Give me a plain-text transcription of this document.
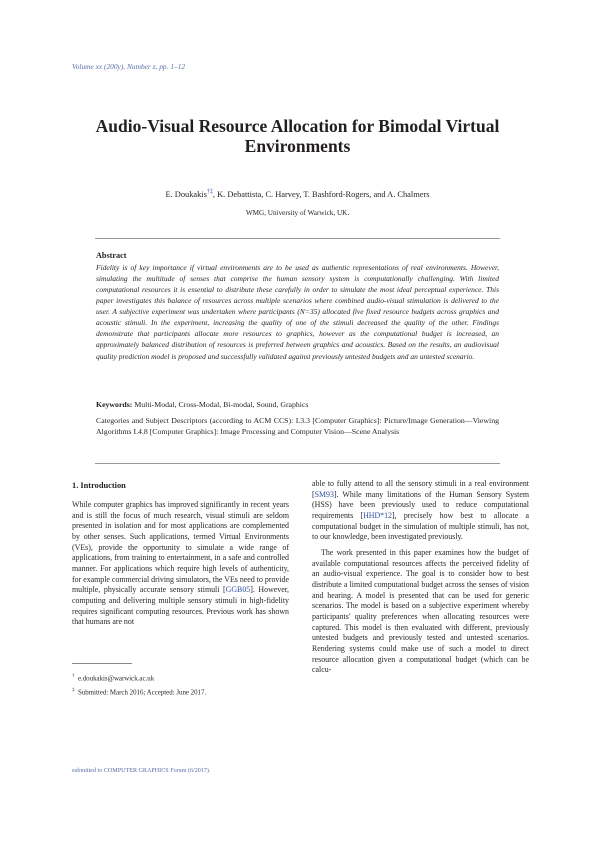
Volume xx (200y), Number z, pp. 1–12
Audio-Visual Resource Allocation for Bimodal Virtual Environments
E. Doukakis†‡, K. Debattista, C. Harvey, T. Bashford-Rogers, and A. Chalmers
WMG, University of Warwick, UK.
Abstract
Fidelity is of key importance if virtual environments are to be used as authentic representations of real environments. However, simulating the multitude of senses that comprise the human sensory system is computationally challenging. With limited computational resources it is essential to distribute these carefully in order to simulate the most ideal perceptual experience. This paper investigates this balance of resources across multiple scenarios where combined audio-visual stimulation is delivered to the user. A subjective experiment was undertaken where participants (N=35) allocated five fixed resource budgets across graphics and acoustic stimuli. In the experiment, increasing the quality of one of the stimuli decreased the quality of the other. Findings demonstrate that participants allocate more resources to graphics, however as the computational budget is increased, an approximately balanced distribution of resources is preferred between graphics and acoustics. Based on the results, an audiovisual quality prediction model is proposed and successfully validated against previously untested budgets and an untested scenario.
Keywords: Multi-Modal, Cross-Modal, Bi-modal, Sound, Graphics
Categories and Subject Descriptors (according to ACM CCS): I.3.3 [Computer Graphics]: Picture/Image Generation—Viewing Algorithms I.4.8 [Computer Graphics]: Image Processing and Computer Vision—Scene Analysis
1. Introduction
While computer graphics has improved significantly in recent years and is still the focus of much research, visual stimuli are seldom presented in isolation and for most applications are complemented by other senses. Such applications, termed Virtual Environments (VEs), provide the opportunity to simulate a wide range of applications, from training to entertainment, in a safe and controlled manner. For applications which require high levels of authenticity, for example commercial driving simulators, the VEs need to provide multiple, physically accurate sensory stimuli [GGB05]. However, computing and delivering multiple sensory stimuli in high-fidelity requires significant computing resources. Previous work has shown that humans are not
able to fully attend to all the sensory stimuli in a real environment [SM93]. While many limitations of the Human Sensory System (HSS) have been previously used to reduce computational requirements [HHD*12], precisely how best to allocate a computational budget in the simulation of multiple stimuli, has not, to our knowledge, been investigated previously.
The work presented in this paper examines how the budget of available computational resources affects the perceived fidelity of an audio-visual experience. The goal is to consider how to best distribute a limited computational budget across the senses of vision and hearing. A model is presented that can be used for generic scenarios. The model is based on a subjective experiment whereby participants' quality preferences when allocating resources were captured. This model is then evaluated with different, previously untested budgets and previously tested and untested scenarios. Rendering systems could make use of such a model to direct resource allocation given a computational budget (which can be calcu-
† e.doukakis@warwick.ac.uk
‡ Submitted: March 2016; Accepted: June 2017.
submitted to COMPUTER GRAPHICS Forum (6/2017).
